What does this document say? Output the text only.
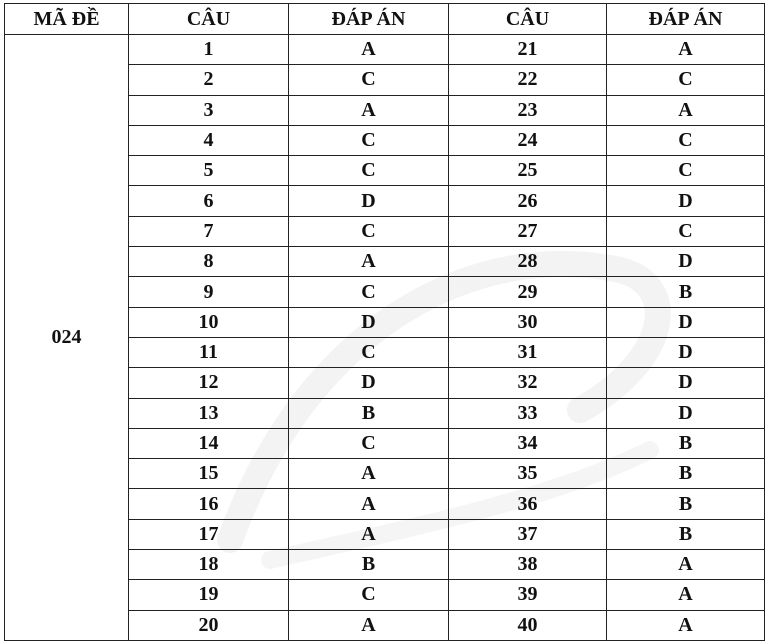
MÃ ĐỀ	CÂU	ĐÁP ÁN	CÂU	ĐÁP ÁN
024	1	A	21	A
	2	C	22	C
	3	A	23	A
	4	C	24	C
	5	C	25	C
	6	D	26	D
	7	C	27	C
	8	A	28	D
	9	C	29	B
	10	D	30	D
	11	C	31	D
	12	D	32	D
	13	B	33	D
	14	C	34	B
	15	A	35	B
	16	A	36	B
	17	A	37	B
	18	B	38	A
	19	C	39	A
	20	A	40	A
